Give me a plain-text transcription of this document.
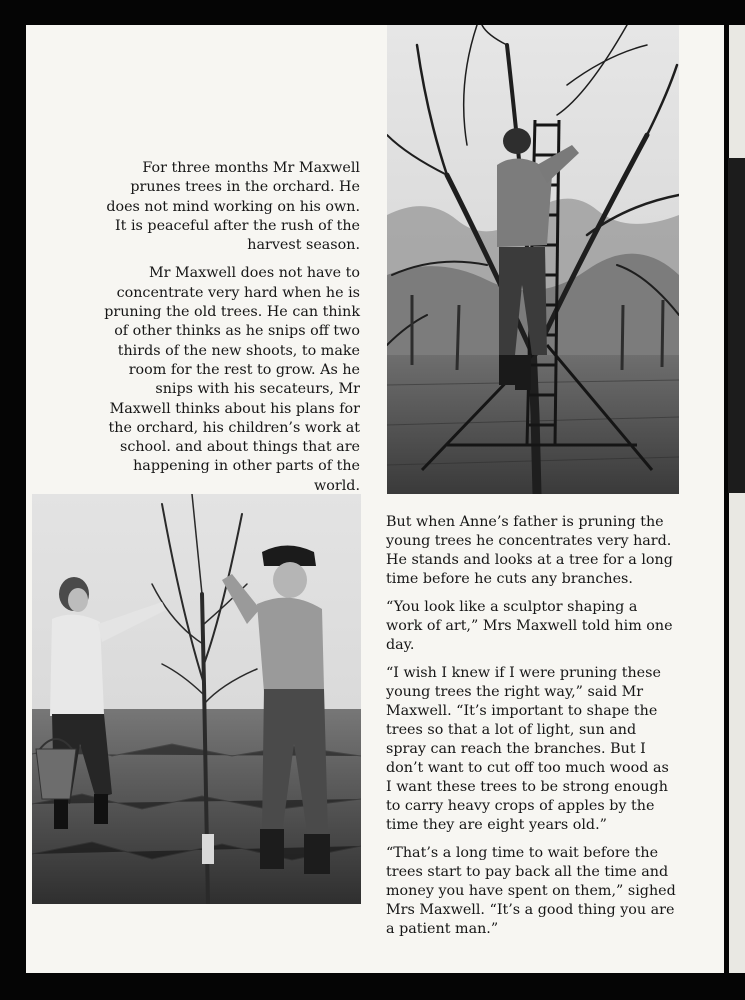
For three months Mr Maxwell prunes trees in the orchard. He does not mind working on his own. It is peaceful after the rush of the harvest season.

Mr Maxwell does not have to concentrate very hard when he is pruning the old trees. He can think of other thinks as he snips off two thirds of the new shoots, to make room for the rest to grow. As he snips with his secateurs, Mr Maxwell thinks about his plans for the orchard, his children’s work at school. and about things that are happening in other parts of the world.

But when Anne’s father is pruning the young trees he concentrates very hard. He stands and looks at a tree for a long time before he cuts any branches.

“You look like a sculptor shaping a work of art,” Mrs Maxwell told him one day.

“I wish I knew if I were pruning these young trees the right way,” said Mr Maxwell. “It’s important to shape the trees so that a lot of light, sun and spray can reach the branches. But I don’t want to cut off too much wood as I want these trees to be strong enough to carry heavy crops of apples by the time they are eight years old.”

“That’s a long time to wait before the trees start to pay back all the time and money you have spent on them,” sighed Mrs Maxwell. “It’s a good thing you are a patient man.”
